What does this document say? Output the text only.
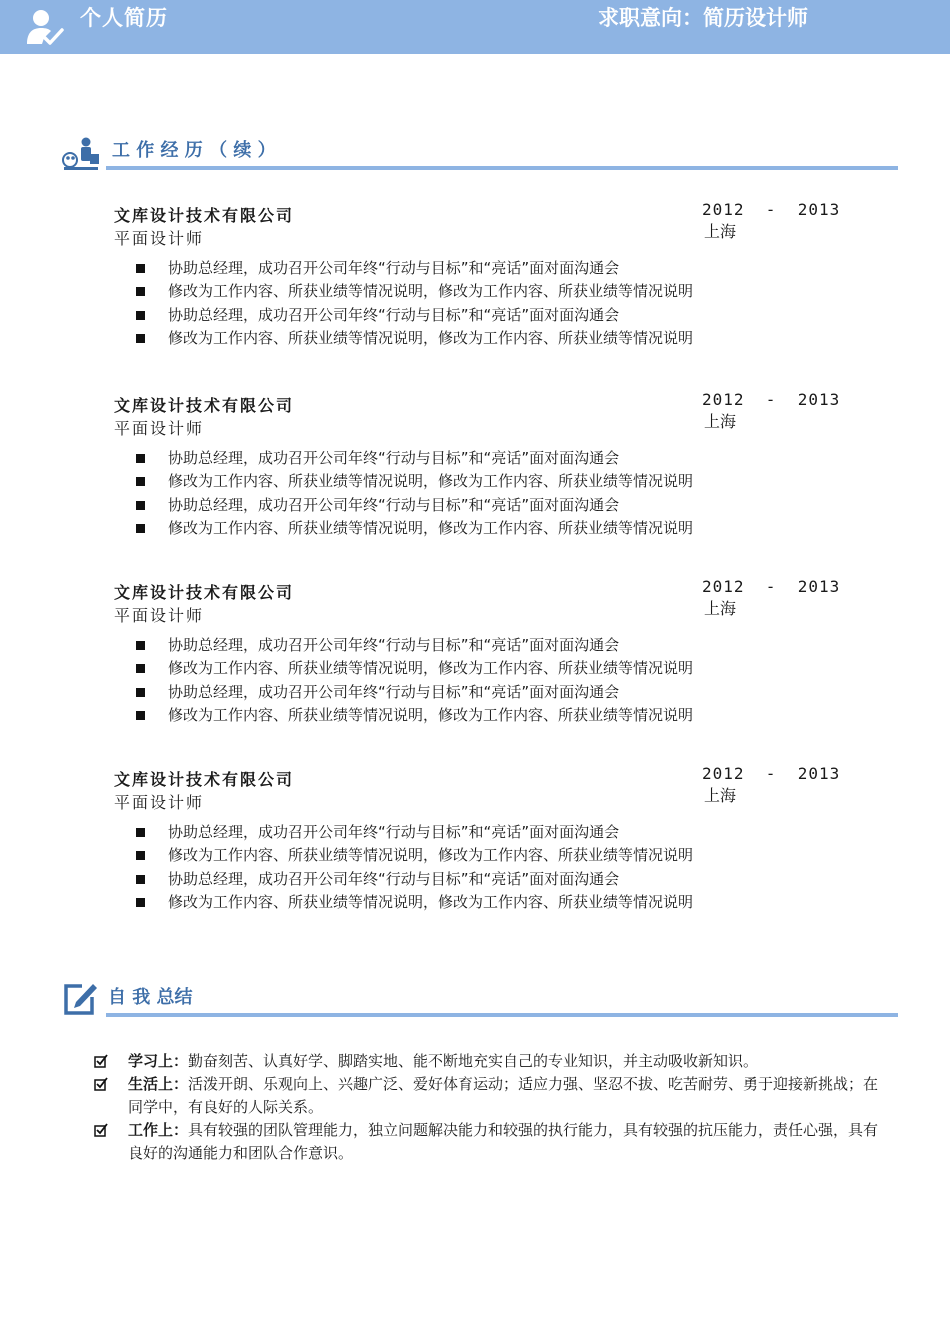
个人简历	求职意向：简历设计师
工 作 经 历 （ 续 ）
文库设计技术有限公司
平面设计师
2012  -  2013
上海
协助总经理，成功召开公司年终“行动与目标”和“亮话”面对面沟通会
修改为工作内容、所获业绩等情况说明，修改为工作内容、所获业绩等情况说明
协助总经理，成功召开公司年终“行动与目标”和“亮话”面对面沟通会
修改为工作内容、所获业绩等情况说明，修改为工作内容、所获业绩等情况说明
文库设计技术有限公司
平面设计师
2012  -  2013
上海
协助总经理，成功召开公司年终“行动与目标”和“亮话”面对面沟通会
修改为工作内容、所获业绩等情况说明，修改为工作内容、所获业绩等情况说明
协助总经理，成功召开公司年终“行动与目标”和“亮话”面对面沟通会
修改为工作内容、所获业绩等情况说明，修改为工作内容、所获业绩等情况说明
文库设计技术有限公司
平面设计师
2012  -  2013
上海
协助总经理，成功召开公司年终“行动与目标”和“亮话”面对面沟通会
修改为工作内容、所获业绩等情况说明，修改为工作内容、所获业绩等情况说明
协助总经理，成功召开公司年终“行动与目标”和“亮话”面对面沟通会
修改为工作内容、所获业绩等情况说明，修改为工作内容、所获业绩等情况说明
文库设计技术有限公司
平面设计师
2012  -  2013
上海
协助总经理，成功召开公司年终“行动与目标”和“亮话”面对面沟通会
修改为工作内容、所获业绩等情况说明，修改为工作内容、所获业绩等情况说明
协助总经理，成功召开公司年终“行动与目标”和“亮话”面对面沟通会
修改为工作内容、所获业绩等情况说明，修改为工作内容、所获业绩等情况说明
自 我 总结

学习上：勤奋刻苦、认真好学、脚踏实地、能不断地充实自己的专业知识，并主动吸收新知识。

生活上：活泼开朗、乐观向上、兴趣广泛、爱好体育运动；适应力强、坚忍不拔、吃苦耐劳、勇于迎接新挑战；在同学中，有良好的人际关系。

工作上：具有较强的团队管理能力，独立问题解决能力和较强的执行能力，具有较强的抗压能力，责任心强，具有良好的沟通能力和团队合作意识。
